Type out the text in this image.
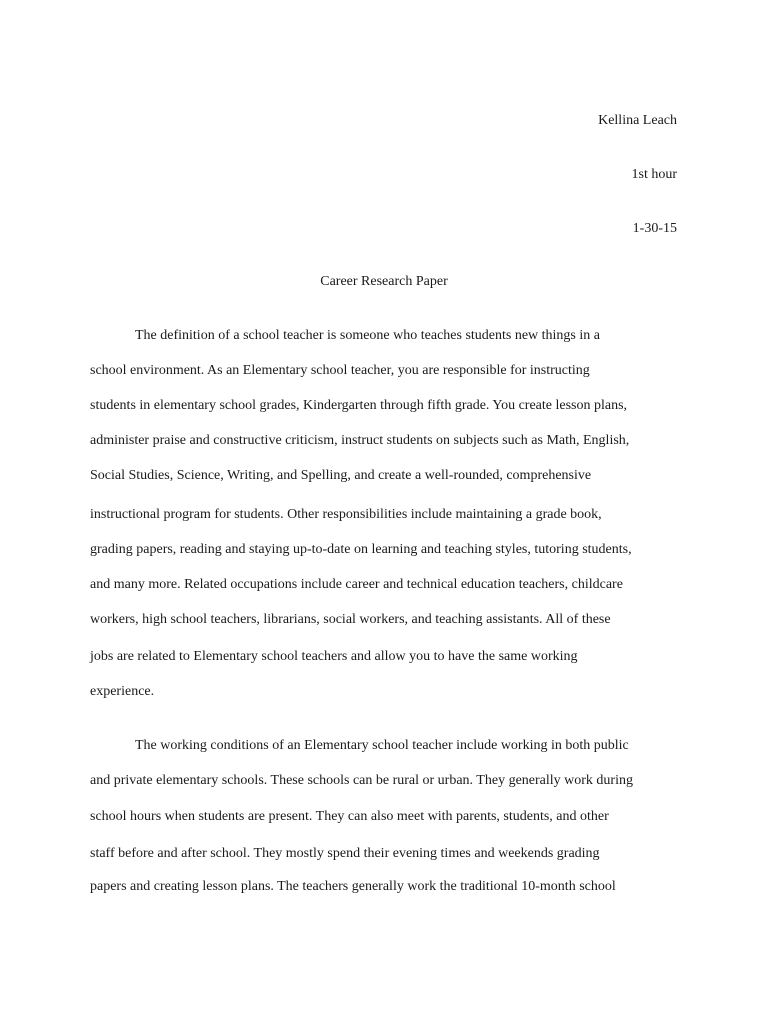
Kellina Leach
1st hour
1-30-15
Career Research Paper
The definition of a school teacher is someone who teaches students new things in a
school environment. As an Elementary school teacher, you are responsible for instructing
students in elementary school grades, Kindergarten through fifth grade. You create lesson plans,
administer praise and constructive criticism, instruct students on subjects such as Math, English,
Social Studies, Science, Writing, and Spelling, and create a well-rounded, comprehensive
instructional program for students. Other responsibilities include maintaining a grade book,
grading papers, reading and staying up-to-date on learning and teaching styles, tutoring students,
and many more. Related occupations include career and technical education teachers, childcare
workers, high school teachers, librarians, social workers, and teaching assistants. All of these
jobs are related to Elementary school teachers and allow you to have the same working
experience.
The working conditions of an Elementary school teacher include working in both public
and private elementary schools. These schools can be rural or urban. They generally work during
school hours when students are present. They can also meet with parents, students, and other
staff before and after school. They mostly spend their evening times and weekends grading
papers and creating lesson plans. The teachers generally work the traditional 10-month school
